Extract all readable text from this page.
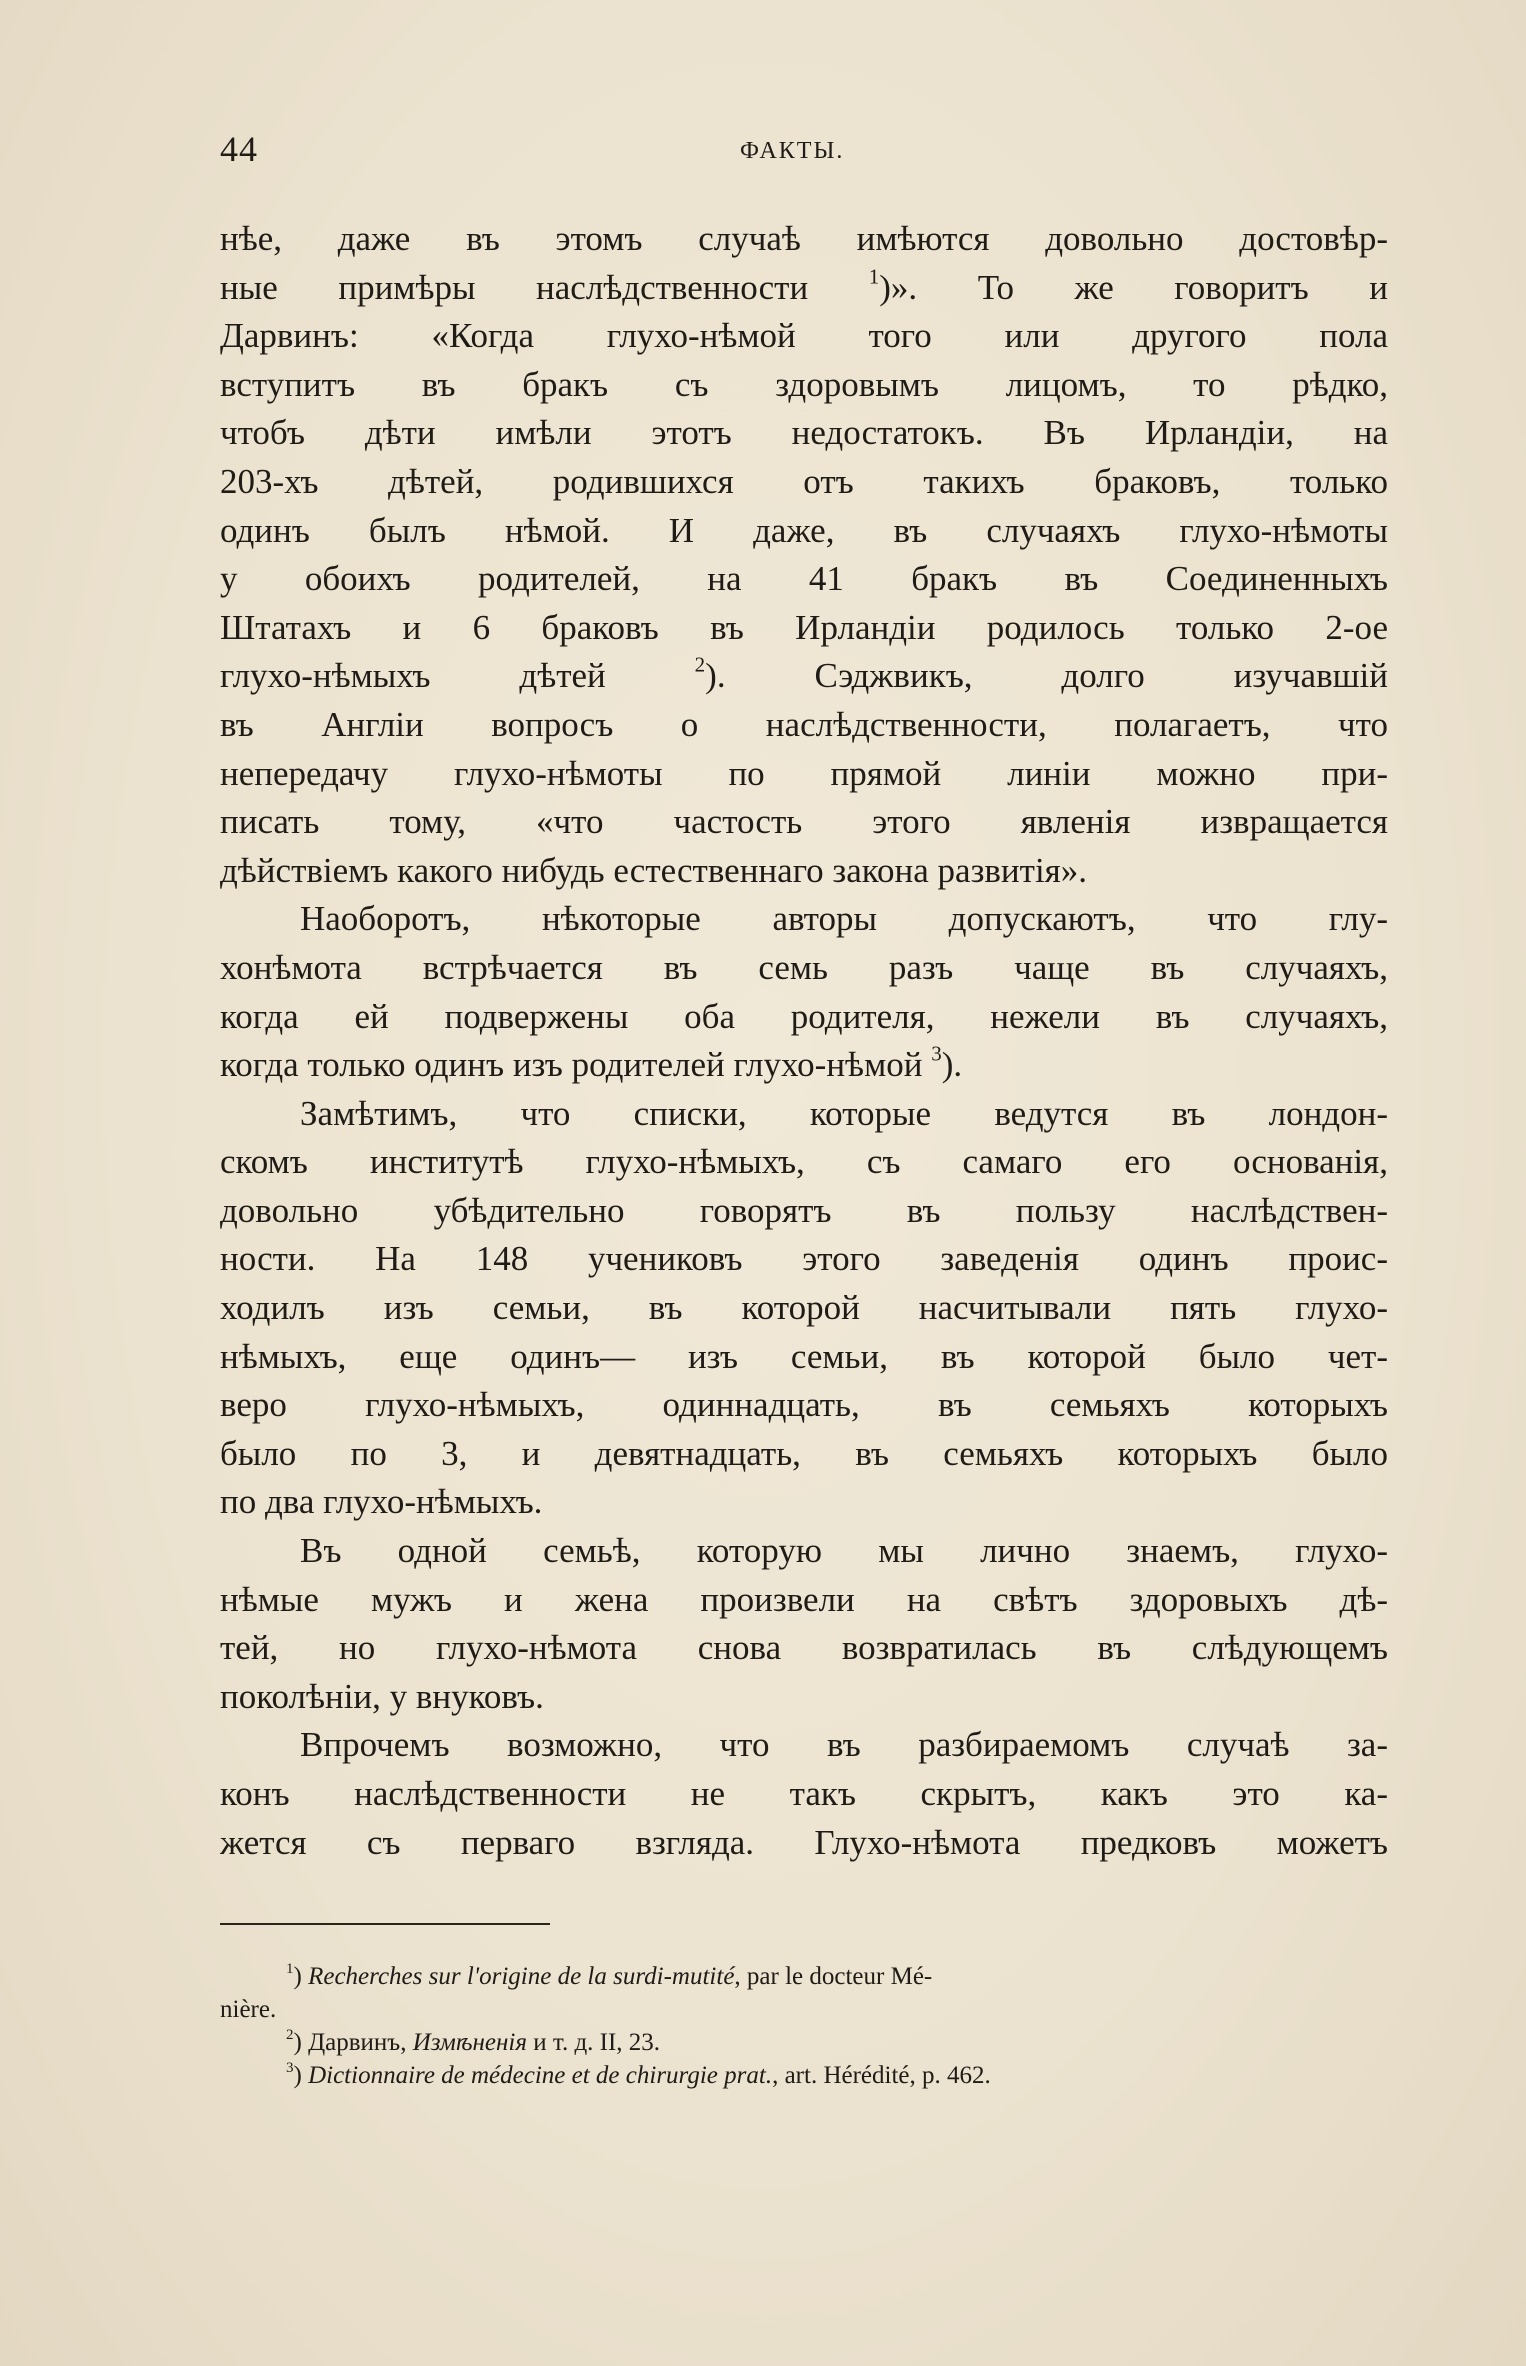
44	ФАКТЫ.
нѣе, даже въ этомъ случаѣ имѣются довольно достовѣр-
ные примѣры наслѣдственности $^1$)». То же говоритъ и
Дарвинъ: «Когда глухо-нѣмой того или другого пола
вступитъ въ бракъ съ здоровымъ лицомъ, то рѣдко,
чтобъ дѣти имѣли этотъ недостатокъ. Въ Ирландіи, на
203-хъ дѣтей, родившихся отъ такихъ браковъ, только
одинъ былъ нѣмой. И даже, въ случаяхъ глухо-нѣмоты
у обоихъ родителей, на 41 бракъ въ Соединенныхъ
Штатахъ и 6 браковъ въ Ирландіи родилось только 2-ое
глухо-нѣмыхъ дѣтей $^2$). Сэджвикъ, долго изучавшій
въ Англіи вопросъ о наслѣдственности, полагаетъ, что
непередачу глухо-нѣмоты по прямой линіи можно при-
писать тому, «что частость этого явленія извращается
дѣйствіемъ какого нибудь естественнаго закона развитія».
Наоборотъ, нѣкоторые авторы допускаютъ, что глу-
хонѣмота встрѣчается въ семь разъ чаще въ случаяхъ,
когда ей подвержены оба родителя, нежели въ случаяхъ,
когда только одинъ изъ родителей глухо-нѣмой $^3$).
Замѣтимъ, что списки, которые ведутся въ лондон-
скомъ институтѣ глухо-нѣмыхъ, съ самаго его основанія,
довольно убѣдительно говорятъ въ пользу наслѣдствен-
ности. На 148 учениковъ этого заведенія одинъ проис-
ходилъ изъ семьи, въ которой насчитывали пять глухо-
нѣмыхъ, еще одинъ— изъ семьи, въ которой было чет-
веро глухо-нѣмыхъ, одиннадцать, въ семьяхъ которыхъ
было по 3, и девятнадцать, въ семьяхъ которыхъ было
по два глухо-нѣмыхъ.
Въ одной семьѣ, которую мы лично знаемъ, глухо-
нѣмые мужъ и жена произвели на свѣтъ здоровыхъ дѣ-
тей, но глухо-нѣмота снова возвратилась въ слѣдующемъ
поколѣніи, у внуковъ.
Впрочемъ возможно, что въ разбираемомъ случаѣ за-
конъ наслѣдственности не такъ скрытъ, какъ это ка-
жется съ перваго взгляда. Глухо-нѣмота предковъ можетъ
$^1$) Recherches sur l'origine de la surdi-mutité, par le docteur Mé-
nière.
$^2$) Дарвинъ, Измѣненія и т. д. II, 23.
$^3$) Dictionnaire de médecine et de chirurgie prat., art. Hérédité, p. 462.
